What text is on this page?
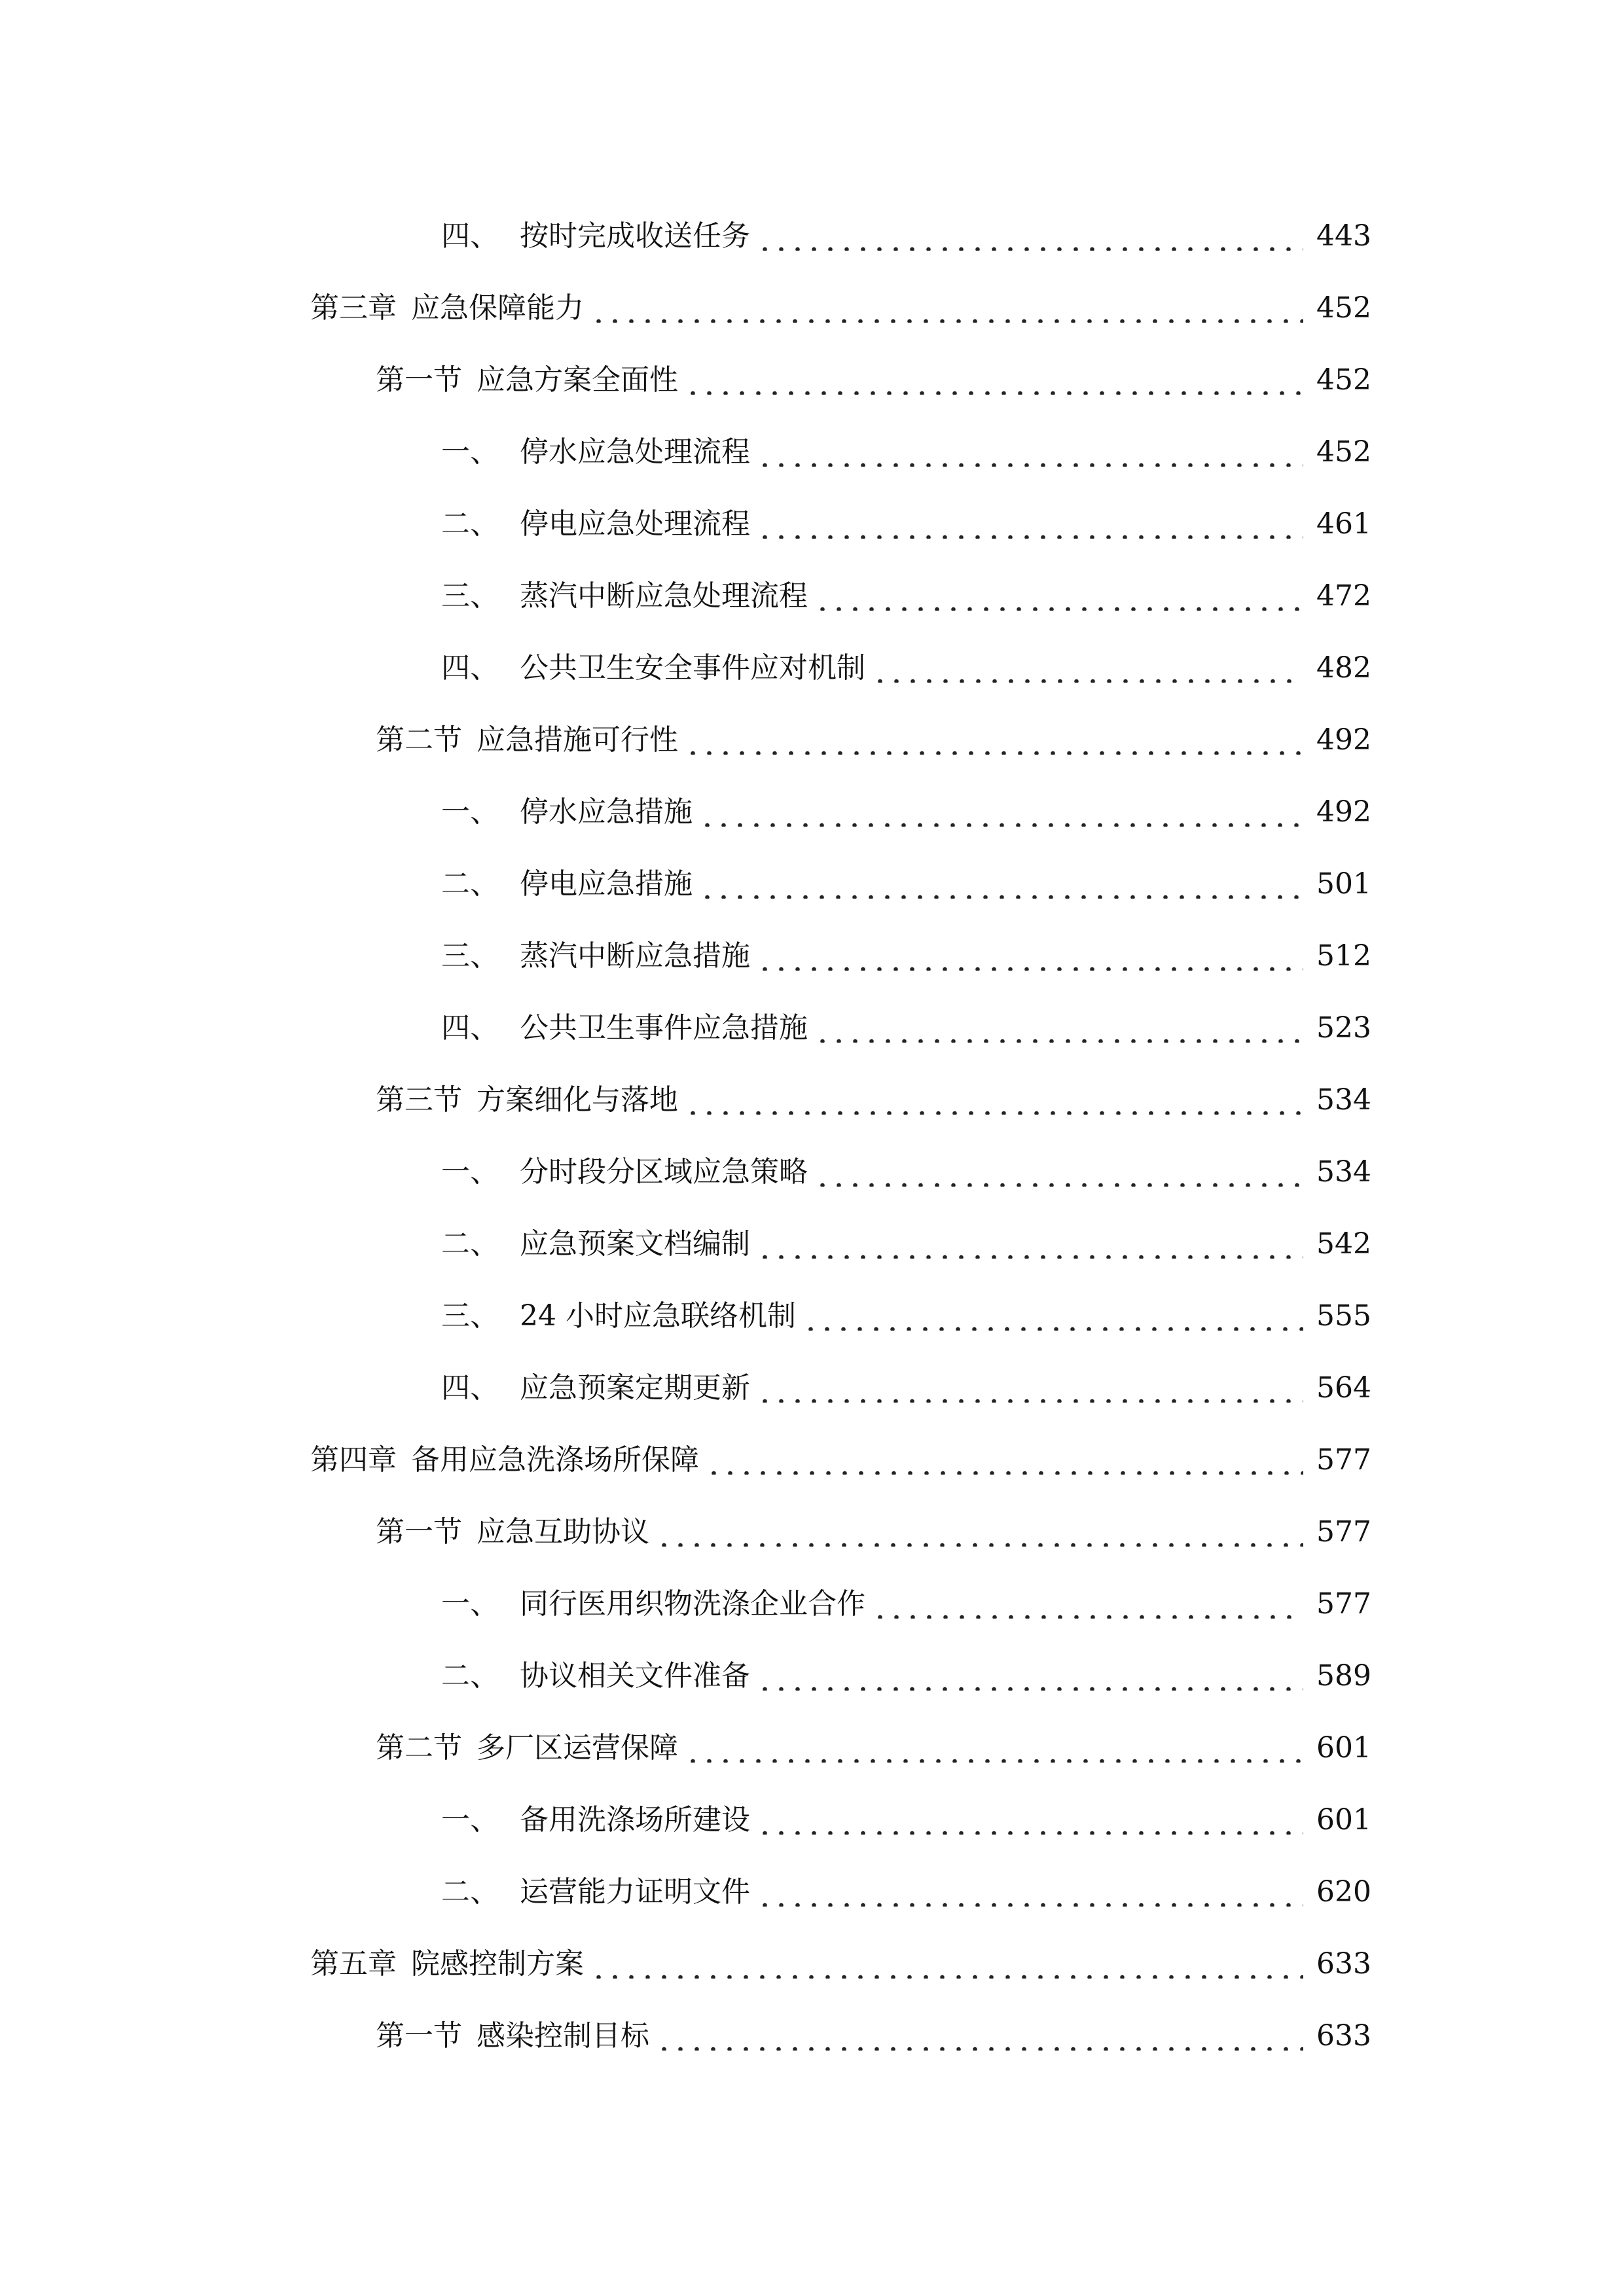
四、 按时完成收送任务	443
第三章 应急保障能力	452
第一节 应急方案全面性	452
一、 停水应急处理流程	452
二、 停电应急处理流程	461
三、 蒸汽中断应急处理流程	472
四、 公共卫生安全事件应对机制	482
第二节 应急措施可行性	492
一、 停水应急措施	492
二、 停电应急措施	501
三、 蒸汽中断应急措施	512
四、 公共卫生事件应急措施	523
第三节 方案细化与落地	534
一、 分时段分区域应急策略	534
二、 应急预案文档编制	542
三、 24 小时应急联络机制	555
四、 应急预案定期更新	564
第四章 备用应急洗涤场所保障	577
第一节 应急互助协议	577
一、 同行医用织物洗涤企业合作	577
二、 协议相关文件准备	589
第二节 多厂区运营保障	601
一、 备用洗涤场所建设	601
二、 运营能力证明文件	620
第五章 院感控制方案	633
第一节 感染控制目标	633
